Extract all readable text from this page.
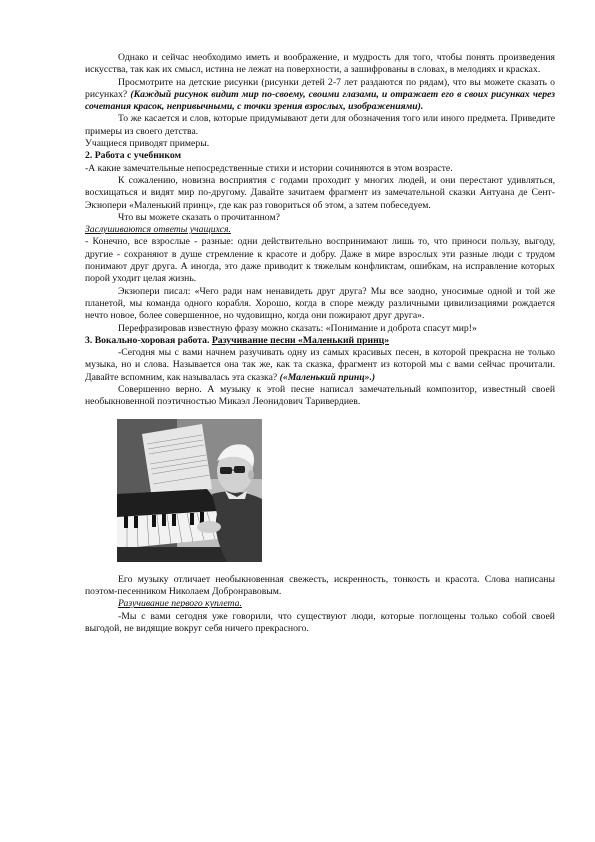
Однако и сейчас необходимо иметь и воображение, и мудрость для того, чтобы понять произведения искусства, так как их смысл, истина не лежат на поверхности, а зашифрованы в словах, в мелодиях и красках.

Просмотрите на детские рисунки (рисунки детей 2-7 лет раздаются по рядам), что вы можете сказать о рисунках? (Каждый рисунок видит мир по-своему, своими глазами, и отражает его в своих рисунках через сочетания красок, непривычными, с точки зрения взрослых, изображениями).

То же касается и слов, которые придумывают дети для обозначения того или иного предмета. Приведите примеры из своего детства.

Учащиеся приводят примеры.

2. Работа с учебником

-А какие замечательные непосредственные стихи и истории сочиняются в этом возрасте.

К сожалению, новизна восприятия с годами проходит у многих людей, и они перестают удивляться, восхищаться и видят мир по-другому. Давайте зачитаем фрагмент из замечательной сказки Антуана де Сент-Экзюпери «Маленький принц», где как раз говориться об этом, а затем побеседуем.

Что вы можете сказать о прочитанном?

Заслушиваются ответы учащихся.

- Конечно, все взрослые - разные: одни действительно воспринимают лишь то, что приноси пользу, выгоду, другие - сохраняют в душе стремление к красоте и добру. Даже в мире взрослых эти разные люди с трудом понимают друг друга. А иногда, это даже приводит к тяжелым конфликтам, ошибкам, на исправление которых порой уходит целая жизнь.

Экзюпери писал: «Чего ради нам ненавидеть друг друга? Мы все заодно, уносимые одной и той же планетой, мы команда одного корабля. Хорошо, когда в споре между различными цивилизациями рождается нечто новое, более совершенное, но чудовищно, когда они пожирают друг друга».

Перефразировав известную фразу можно сказать: «Понимание и доброта спасут мир!»

3. Вокально-хоровая работа. Разучивание песни «Маленький принц»

-Сегодня мы с вами начнем разучивать одну из самых красивых песен, в которой прекрасна не только музыка, но и слова. Называется она так же, как та сказка, фрагмент из которой мы с вами сейчас прочитали. Давайте вспомним, как называлась эта сказка? («Маленький принц».)

Совершенно верно. А музыку к этой песне написал замечательный композитор, известный своей необыкновенной поэтичностью Микаэл Леонидович Таривердиев.

Его музыку отличает необыкновенная свежесть, искренность, тонкость и красота. Слова написаны поэтом-песенником Николаем Добронравовым.

Разучивание первого куплета.

-Мы с вами сегодня уже говорили, что существуют люди, которые поглощены только собой своей выгодой, не видящие вокруг себя ничего прекрасного.
